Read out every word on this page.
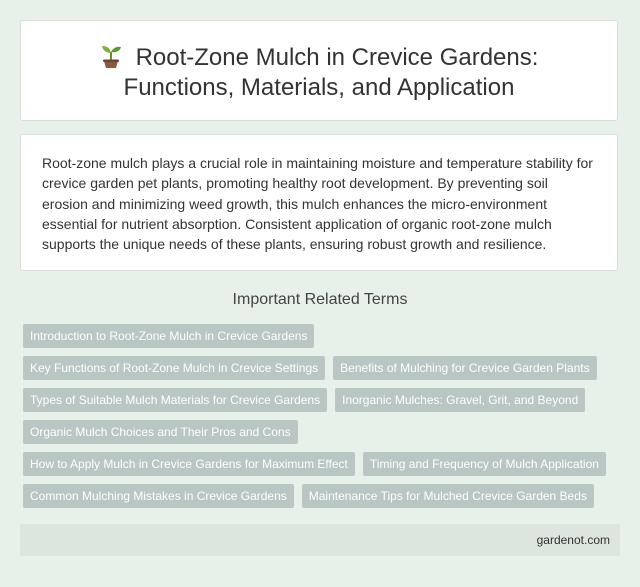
Root-Zone Mulch in Crevice Gardens:
Functions, Materials, and Application

Root-zone mulch plays a crucial role in maintaining moisture and temperature stability for crevice garden pet plants, promoting healthy root development. By preventing soil erosion and minimizing weed growth, this mulch enhances the micro-environment essential for nutrient absorption. Consistent application of organic root-zone mulch supports the unique needs of these plants, ensuring robust growth and resilience.

Important Related Terms
Introduction to Root-Zone Mulch in Crevice Gardens
Key Functions of Root-Zone Mulch in Crevice Settings	Benefits of Mulching for Crevice Garden Plants
Types of Suitable Mulch Materials for Crevice Gardens	Inorganic Mulches: Gravel, Grit, and Beyond
Organic Mulch Choices and Their Pros and Cons
How to Apply Mulch in Crevice Gardens for Maximum Effect	Timing and Frequency of Mulch Application
Common Mulching Mistakes in Crevice Gardens	Maintenance Tips for Mulched Crevice Garden Beds
gardenot.com
